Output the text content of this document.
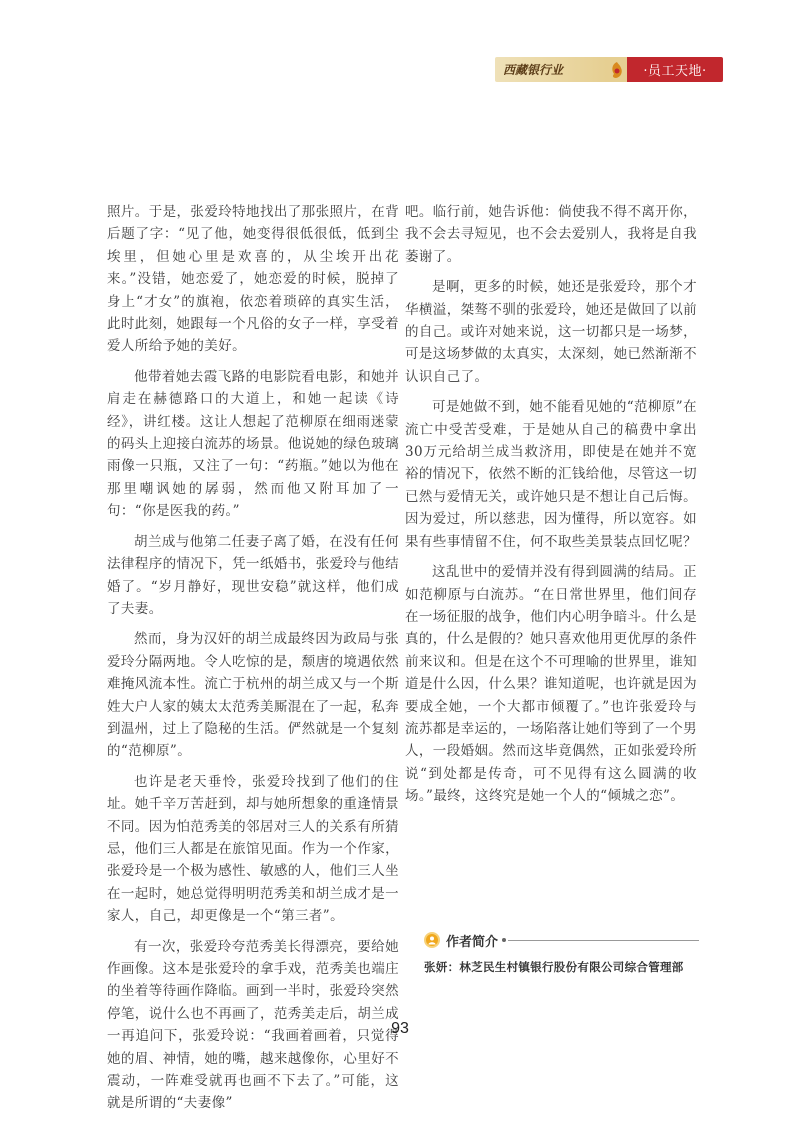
西藏银行业	·员工天地·

照片。于是，张爱玲特地找出了那张照片，在背后题了字：“见了他，她变得很低很低，低到尘埃里，但她心里是欢喜的，从尘埃开出花来。”没错，她恋爱了，她恋爱的时候，脱掉了身上“才女”的旗袍，依恋着琐碎的真实生活，此时此刻，她跟每一个凡俗的女子一样，享受着爱人所给予她的美好。

他带着她去霞飞路的电影院看电影，和她并肩走在赫德路口的大道上，和她一起读《诗经》，讲红楼。这让人想起了范柳原在细雨迷蒙的码头上迎接白流苏的场景。他说她的绿色玻璃雨像一只瓶，又注了一句：“药瓶。”她以为他在那里嘲讽她的孱弱，然而他又附耳加了一句：“你是医我的药。”

胡兰成与他第二任妻子离了婚，在没有任何法律程序的情况下，凭一纸婚书，张爱玲与他结婚了。“岁月静好，现世安稳”就这样，他们成了夫妻。

然而，身为汉奸的胡兰成最终因为政局与张爱玲分隔两地。令人吃惊的是，颓唐的境遇依然难掩风流本性。流亡于杭州的胡兰成又与一个斯姓大户人家的姨太太范秀美厮混在了一起，私奔到温州，过上了隐秘的生活。俨然就是一个复刻的“范柳原”。

也许是老天垂怜，张爱玲找到了他们的住址。她千辛万苦赶到，却与她所想象的重逢情景不同。因为怕范秀美的邻居对三人的关系有所猜忌，他们三人都是在旅馆见面。作为一个作家，张爱玲是一个极为感性、敏感的人，他们三人坐在一起时，她总觉得明明范秀美和胡兰成才是一家人，自己，却更像是一个“第三者”。

有一次，张爱玲夸范秀美长得漂亮，要给她作画像。这本是张爱玲的拿手戏，范秀美也端庄的坐着等待画作降临。画到一半时，张爱玲突然停笔，说什么也不再画了，范秀美走后，胡兰成一再追问下，张爱玲说：“我画着画着，只觉得她的眉、神情，她的嘴，越来越像你，心里好不震动，一阵难受就再也画不下去了。”可能，这就是所谓的“夫妻像”

吧。临行前，她告诉他：倘使我不得不离开你，我不会去寻短见，也不会去爱别人，我将是自我萎谢了。

是啊，更多的时候，她还是张爱玲，那个才华横溢，桀骜不驯的张爱玲，她还是做回了以前的自己。或许对她来说，这一切都只是一场梦，可是这场梦做的太真实，太深刻，她已然渐渐不认识自己了。

可是她做不到，她不能看见她的“范柳原”在流亡中受苦受难，于是她从自己的稿费中拿出30万元给胡兰成当救济用，即使是在她并不宽裕的情况下，依然不断的汇钱给他，尽管这一切已然与爱情无关，或许她只是不想让自己后悔。因为爱过，所以慈悲，因为懂得，所以宽容。如果有些事情留不住，何不取些美景装点回忆呢？

这乱世中的爱情并没有得到圆满的结局。正如范柳原与白流苏。“在日常世界里，他们间存在一场征服的战争，他们内心明争暗斗。什么是真的，什么是假的？她只喜欢他用更优厚的条件前来议和。但是在这个不可理喻的世界里，谁知道是什么因，什么果？谁知道呢，也许就是因为要成全她，一个大都市倾覆了。”也许张爱玲与流苏都是幸运的，一场陷落让她们等到了一个男人，一段婚姻。然而这毕竟偶然，正如张爱玲所说“到处都是传奇，可不见得有这么圆满的收场。”最终，这终究是她一个人的“倾城之恋”。

作者简介
张妍：林芝民生村镇银行股份有限公司综合管理部
93
